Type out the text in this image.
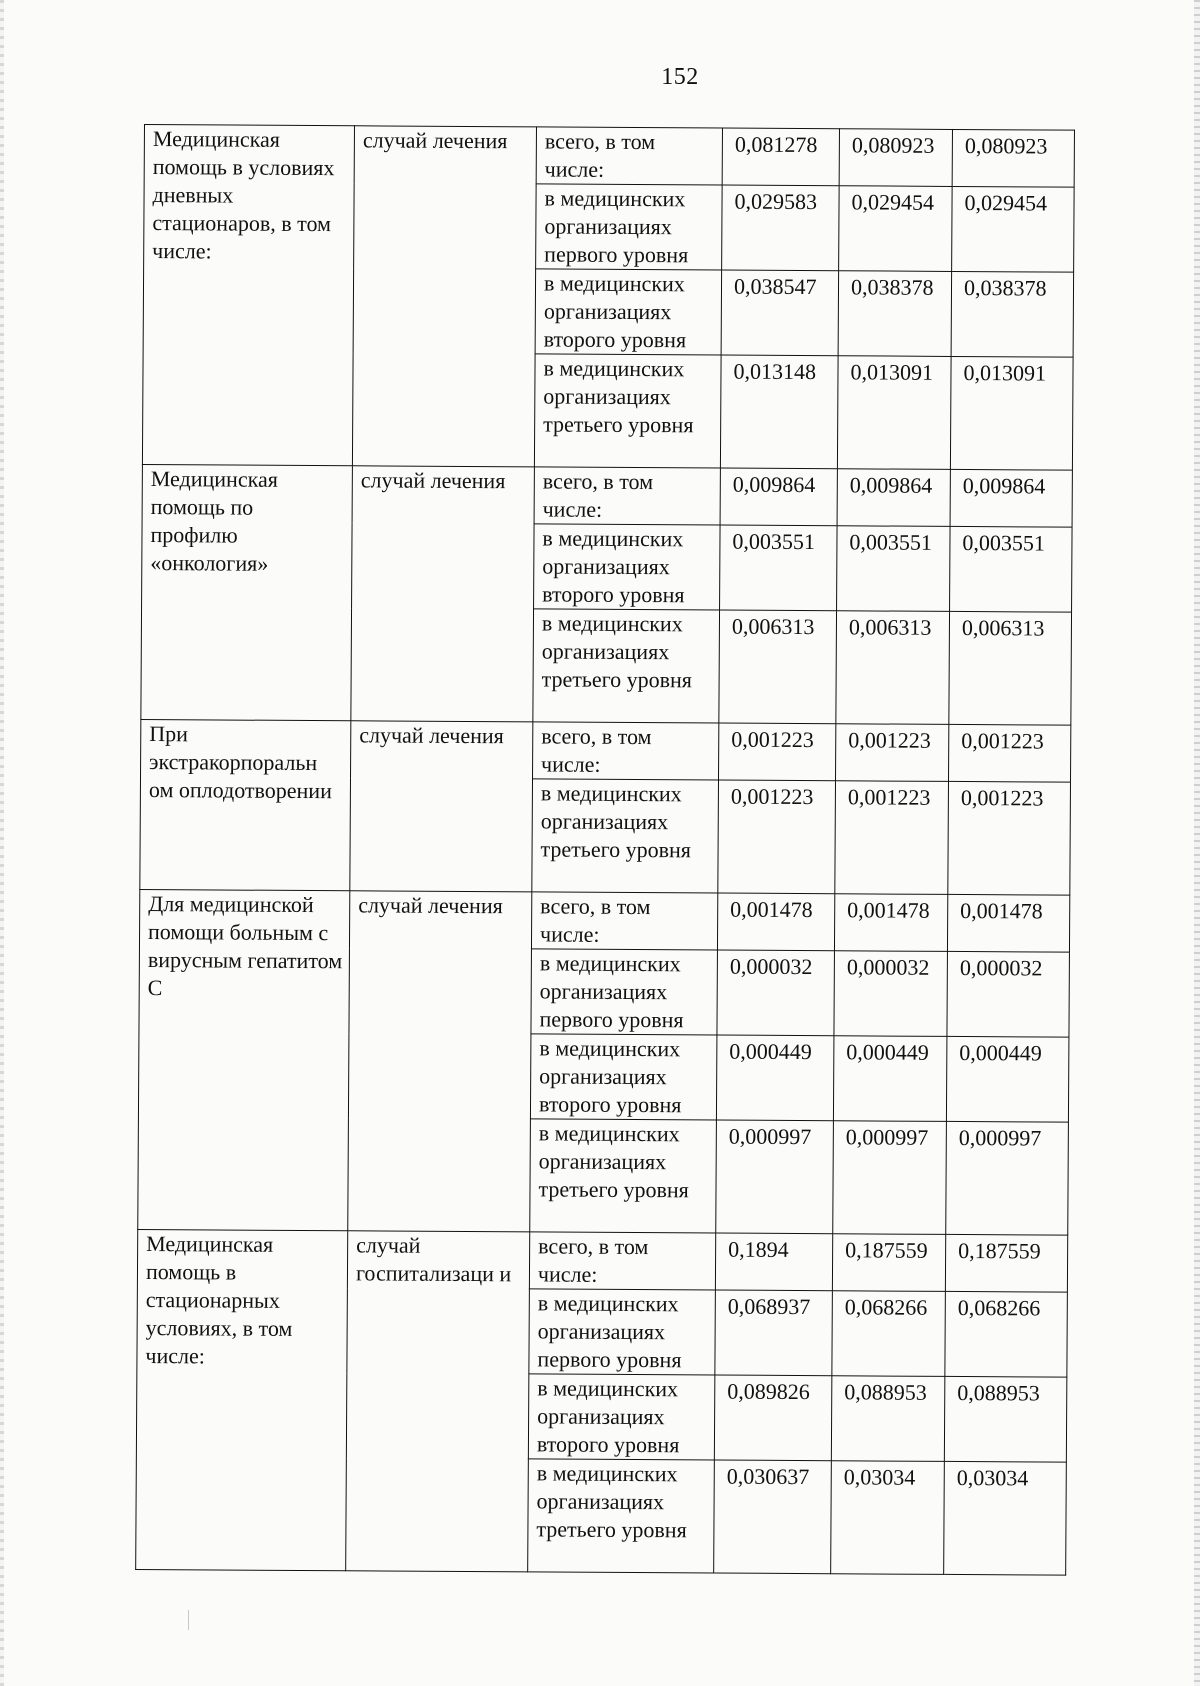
152
Медицинская помощь в условиях дневных стационаров, в том числе:	случай лечения	всего, в том числе:	0,081278	0,080923	0,080923
		в медицинских организациях первого уровня	0,029583	0,029454	0,029454
		в медицинских организациях второго уровня	0,038547	0,038378	0,038378
		в медицинских организациях третьего уровня	0,013148	0,013091	0,013091
Медицинская помощь по профилю «онкология»	случай лечения	всего, в том числе:	0,009864	0,009864	0,009864
		в медицинских организациях второго уровня	0,003551	0,003551	0,003551
		в медицинских организациях третьего уровня	0,006313	0,006313	0,006313
При экстракорпоральн ом оплодотворении	случай лечения	всего, в том числе:	0,001223	0,001223	0,001223
		в медицинских организациях третьего уровня	0,001223	0,001223	0,001223
Для медицинской помощи больным с вирусным гепатитом С	случай лечения	всего, в том числе:	0,001478	0,001478	0,001478
		в медицинских организациях первого уровня	0,000032	0,000032	0,000032
		в медицинских организациях второго уровня	0,000449	0,000449	0,000449
		в медицинских организациях третьего уровня	0,000997	0,000997	0,000997
Медицинская помощь в стационарных условиях, в том числе:	случай госпитализаци и	всего, в том числе:	0,1894	0,187559	0,187559
		в медицинских организациях первого уровня	0,068937	0,068266	0,068266
		в медицинских организациях второго уровня	0,089826	0,088953	0,088953
		в медицинских организациях третьего уровня	0,030637	0,03034	0,03034
